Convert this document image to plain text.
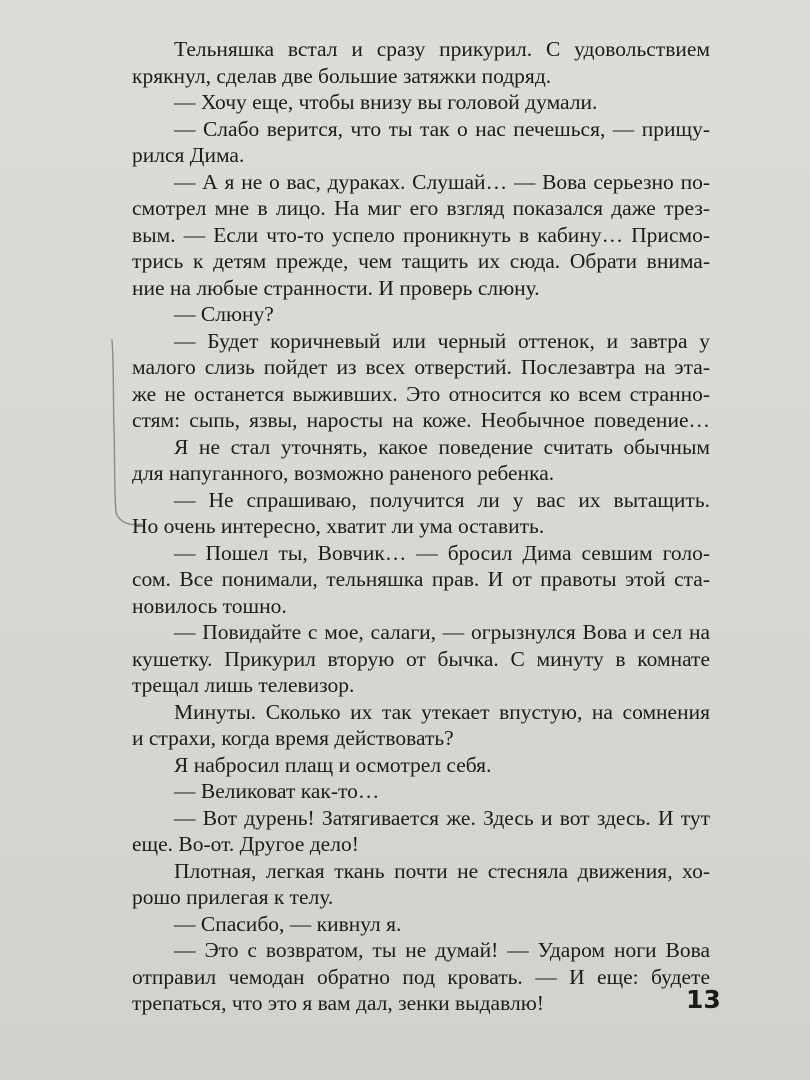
Тельняшка встал и сразу прикурил. С удовольствием
крякнул, сделав две большие затяжки подряд.
— Хочу еще, чтобы внизу вы головой думали.
— Слабо верится, что ты так о нас печешься, — прищу-
рился Дима.
— А я не о вас, дураках. Слушай… — Вова серьезно по-
смотрел мне в лицо. На миг его взгляд показался даже трез-
вым. — Если что-то успело проникнуть в кабину… Присмо-
трись к детям прежде, чем тащить их сюда. Обрати внима-
ние на любые странности. И проверь слюну.
— Слюну?
— Будет коричневый или черный оттенок, и завтра у
малого слизь пойдет из всех отверстий. Послезавтра на эта-
же не останется выживших. Это относится ко всем странно-
стям: сыпь, язвы, наросты на коже. Необычное поведение…
Я не стал уточнять, какое поведение считать обычным
для напуганного, возможно раненого ребенка.
— Не спрашиваю, получится ли у вас их вытащить.
Но очень интересно, хватит ли ума оставить.
— Пошел ты, Вовчик… — бросил Дима севшим голо-
сом. Все понимали, тельняшка прав. И от правоты этой ста-
новилось тошно.
— Повидайте с мое, салаги, — огрызнулся Вова и сел на
кушетку. Прикурил вторую от бычка. С минуту в комнате
трещал лишь телевизор.
Минуты. Сколько их так утекает впустую, на сомнения
и страхи, когда время действовать?
Я набросил плащ и осмотрел себя.
— Великоват как-то…
— Вот дурень! Затягивается же. Здесь и вот здесь. И тут
еще. Во-от. Другое дело!
Плотная, легкая ткань почти не стесняла движения, хо-
рошо прилегая к телу.
— Спасибо, — кивнул я.
— Это с возвратом, ты не думай! — Ударом ноги Вова
отправил чемодан обратно под кровать. — И еще: будете
трепаться, что это я вам дал, зенки выдавлю!	13
